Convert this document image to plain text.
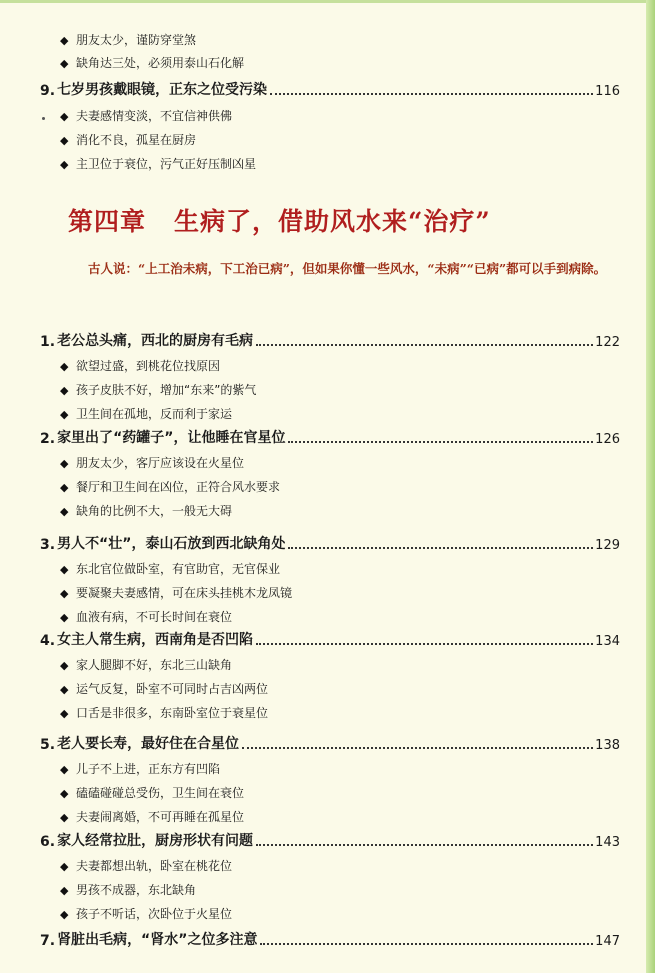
◆ 朋友太少，谨防穿堂煞
◆ 缺角达三处，必须用泰山石化解
9. 七岁 男孩 戴眼镜 ，正东之位受污染	116
◆ 夫妻感情变淡，不宜信神供佛
◆ 消化不良，孤星在厨房
◆ 主卫位于衰位，污气正好压制凶星
第四章 生病了，借助风水来“治疗”

古人说：“上工治未病，下工治已病”，但如果你懂一些风水，“未病”“已病”都可以手到病除。

1. 老公 总头痛 ，西北的厨房有毛病	122
◆ 欲望过盛，到桃花位找原因
◆ 孩子皮肤不好，增加“东来”的紫气
◆ 卫生间在孤地，反而利于家运
2. 家里出了 “药罐子” ，让他睡在官星位	126
◆ 朋友太少，客厅应该设在火星位
◆ 餐厅和卫生间在凶位，正符合风水要求
◆ 缺角的比例不大，一般无大碍
3. 男人 不“壮” ，泰山石放到西北缺角处	129
◆ 东北官位做卧室，有官助官，无官保业
◆ 要凝聚夫妻感情，可在床头挂桃木龙凤镜
◆ 血液有病，不可长时间在衰位
4. 女主人 常生病 ，西南角是否凹陷	134
◆ 家人腿脚不好，东北三山缺角
◆ 运气反复，卧室不可同时占吉凶两位
◆ 口舌是非很多，东南卧室位于衰星位
5. 老人 要长寿 ，最好住在合星位	138
◆ 儿子不上进，正东方有凹陷
◆ 磕磕碰碰总受伤，卫生间在衰位
◆ 夫妻闹离婚，不可再睡在孤星位
6. 家人 经常拉肚 ，厨房形状有问题	143
◆ 夫妻都想出轨，卧室在桃花位
◆ 男孩不成器，东北缺角
◆ 孩子不听话，次卧位于火星位
7. 肾脏 出毛病 ，“肾水”之位多注意	147
